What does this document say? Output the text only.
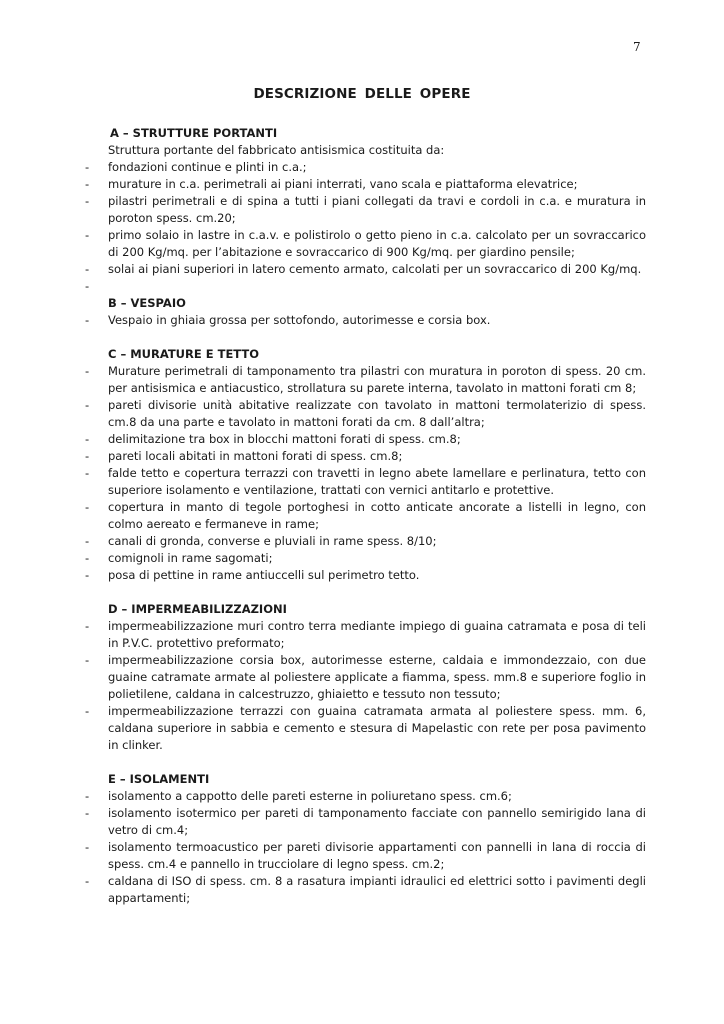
7
DESCRIZIONE DELLE OPERE
A – STRUTTURE PORTANTI
Struttura portante del fabbricato antisismica costituita da:
- fondazioni continue e plinti in c.a.;
- murature in c.a. perimetrali ai piani interrati, vano scala e piattaforma elevatrice;
- pilastri perimetrali e di spina a tutti i piani collegati da travi e cordoli in c.a. e muratura in poroton spess. cm.20;
- primo solaio in lastre in c.a.v. e polistirolo o getto pieno in c.a. calcolato per un sovraccarico di 200 Kg/mq. per l’abitazione e sovraccarico di 900 Kg/mq. per giardino pensile;
- solai ai piani superiori in latero cemento armato, calcolati per un sovraccarico di 200 Kg/mq.
-
B – VESPAIO
- Vespaio in ghiaia grossa per sottofondo, autorimesse e corsia box.
C – MURATURE E TETTO
- Murature perimetrali di tamponamento tra pilastri con muratura in poroton di spess. 20 cm. per antisismica e antiacustico, strollatura su parete interna, tavolato in mattoni forati cm 8;
- pareti divisorie unità abitative realizzate con tavolato in mattoni termolaterizio di spess. cm.8 da una parte e tavolato in mattoni forati da cm. 8 dall’altra;
- delimitazione tra box in blocchi mattoni forati di spess. cm.8;
- pareti locali abitati in mattoni forati di spess. cm.8;
- falde tetto e copertura terrazzi con travetti in legno abete lamellare e perlinatura, tetto con superiore isolamento e ventilazione, trattati con vernici antitarlo e protettive.
- copertura in manto di tegole portoghesi in cotto anticate ancorate a listelli in legno, con colmo aereato e fermaneve in rame;
- canali di gronda, converse e pluviali in rame spess. 8/10;
- comignoli in rame sagomati;
- posa di pettine in rame antiuccelli sul perimetro tetto.
D – IMPERMEABILIZZAZIONI
- impermeabilizzazione muri contro terra mediante impiego di guaina catramata e posa di teli in P.V.C. protettivo preformato;
- impermeabilizzazione corsia box, autorimesse esterne, caldaia e immondezzaio, con due guaine catramate armate al poliestere applicate a fiamma, spess. mm.8 e superiore foglio in polietilene, caldana in calcestruzzo, ghiaietto e tessuto non tessuto;
- impermeabilizzazione terrazzi con guaina catramata armata al poliestere spess. mm. 6, caldana superiore in sabbia e cemento e stesura di Mapelastic con rete per posa pavimento in clinker.
E – ISOLAMENTI
- isolamento a cappotto delle pareti esterne in poliuretano spess. cm.6;
- isolamento isotermico per pareti di tamponamento facciate con pannello semirigido lana di vetro di cm.4;
- isolamento termoacustico per pareti divisorie appartamenti con pannelli in lana di roccia di spess. cm.4 e pannello in trucciolare di legno spess. cm.2;
- caldana di ISO di spess. cm. 8 a rasatura impianti idraulici ed elettrici sotto i pavimenti degli appartamenti;
